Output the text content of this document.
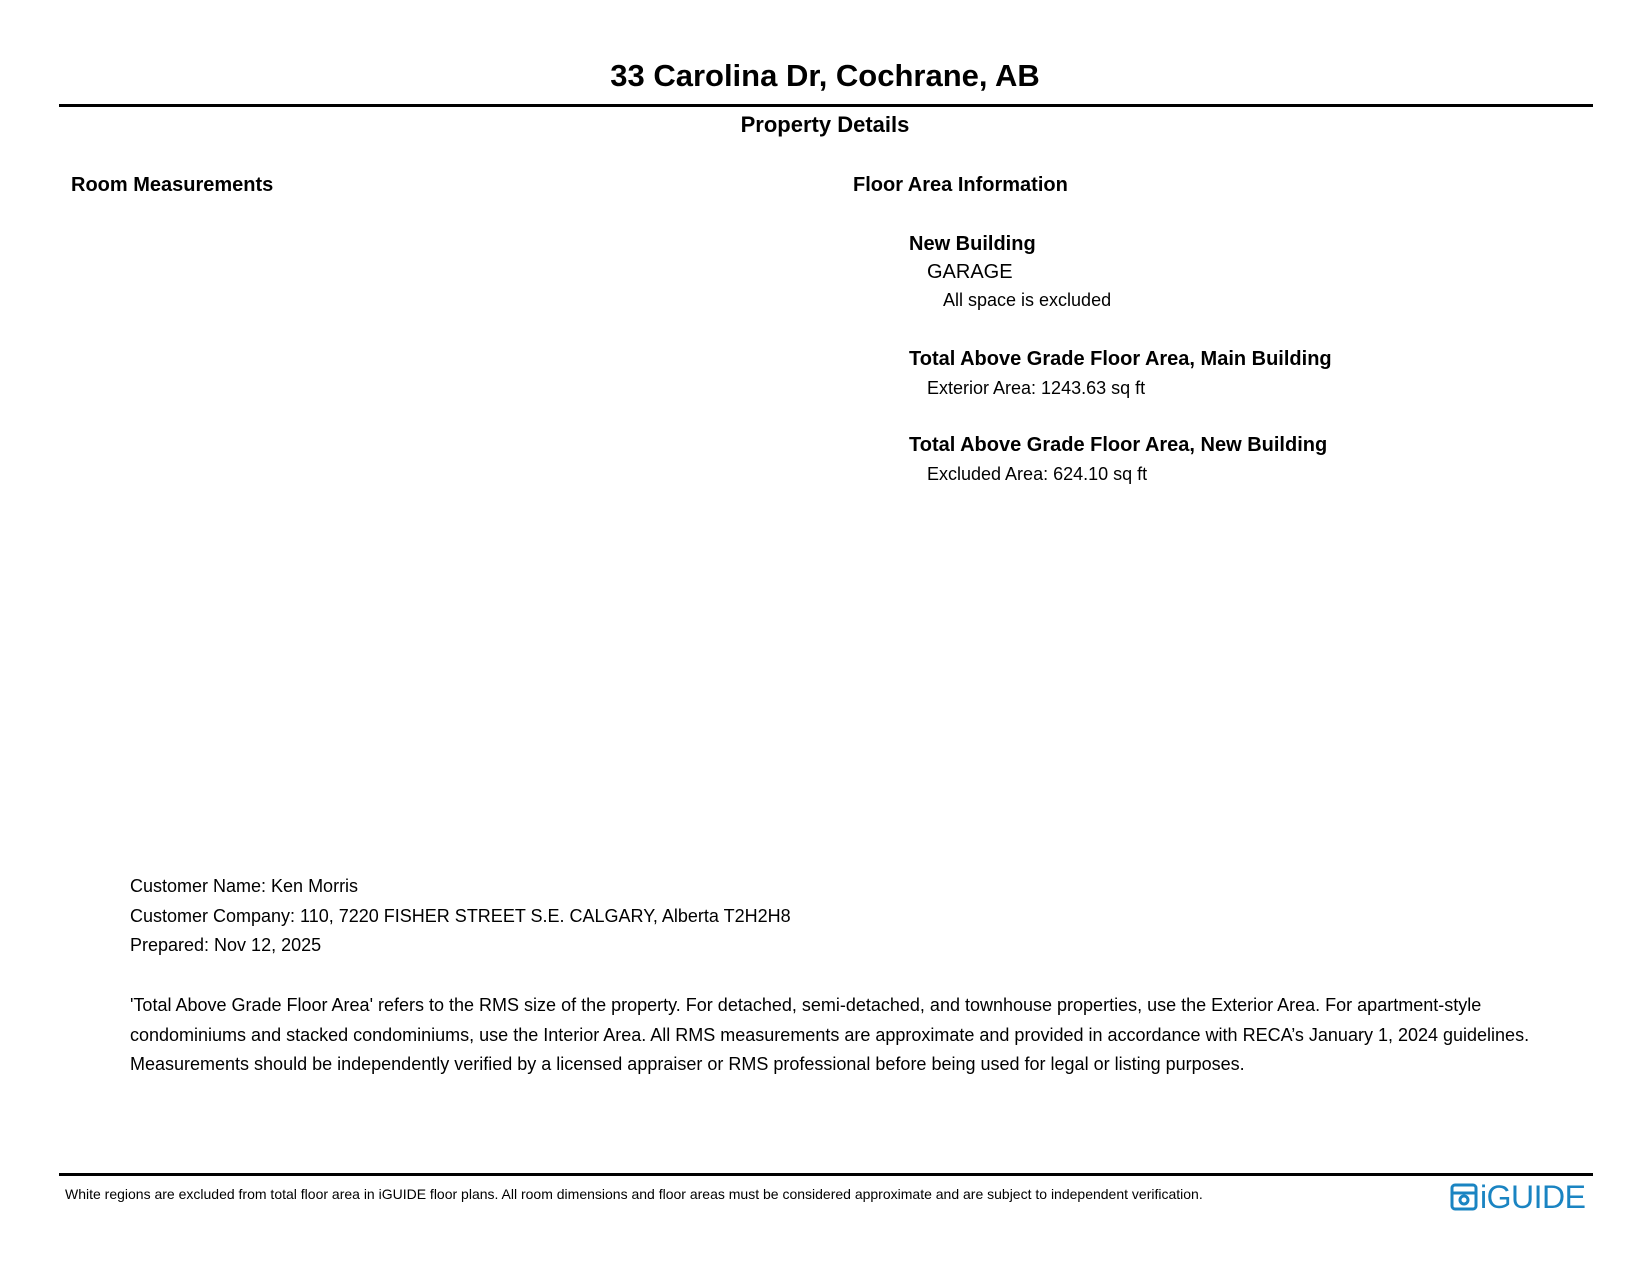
33 Carolina Dr, Cochrane, AB
Property Details
Room Measurements	Floor Area Information
New Building
GARAGE
All space is excluded
Total Above Grade Floor Area, Main Building
Exterior Area: 1243.63 sq ft
Total Above Grade Floor Area, New Building
Excluded Area: 624.10 sq ft
Customer Name: Ken Morris
Customer Company: 110, 7220 FISHER STREET S.E. CALGARY, Alberta T2H2H8
Prepared: Nov 12, 2025
'Total Above Grade Floor Area' refers to the RMS size of the property. For detached, semi-detached, and townhouse properties, use the Exterior Area. For apartment-style condominiums and stacked condominiums, use the Interior Area. All RMS measurements are approximate and provided in accordance with RECA’s January 1, 2024 guidelines. Measurements should be independently verified by a licensed appraiser or RMS professional before being used for legal or listing purposes.
White regions are excluded from total floor area in iGUIDE floor plans. All room dimensions and floor areas must be considered approximate and are subject to independent verification.	iGUIDE
